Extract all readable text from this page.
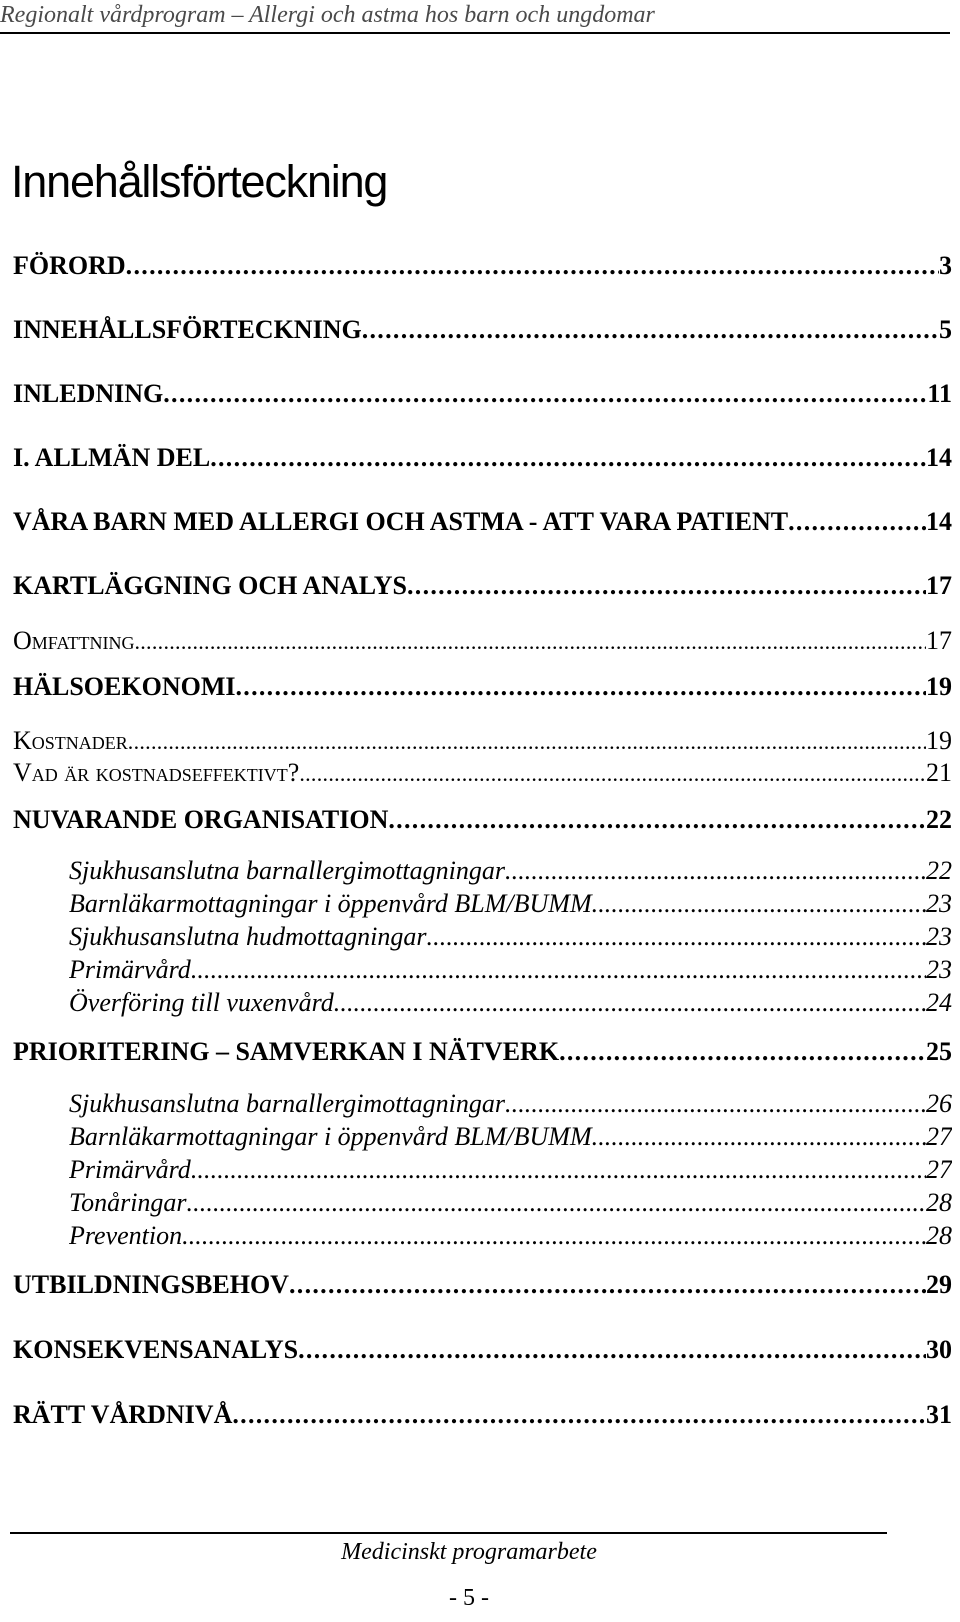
Regionalt vårdprogram – Allergi och astma hos barn och ungdomar
Innehållsförteckning
FÖRORD . . .	3
INNEHÅLLSFÖRTECKNING . . .	5
INLEDNING . . .	11
I. ALLMÄN DEL . . .	14
VÅRA BARN MED ALLERGI OCH ASTMA - ATT VARA PATIENT . . .	14
KARTLÄGGNING OCH ANALYS . . .	17
Omfattning . . .	17
HÄLSOEKONOMI . . .	19
Kostnader . . .	19
Vad är kostnadseffektivt? . . .	21
NUVARANDE ORGANISATION . . .	22
Sjukhusanslutna barnallergimottagningar . . .	22
Barnläkarmottagningar i öppenvård BLM/BUMM . . .	23
Sjukhusanslutna hudmottagningar . . .	23
Primärvård . . .	23
Överföring till vuxenvård . . .	24
PRIORITERING – SAMVERKAN I NÄTVERK . . .	25
Sjukhusanslutna barnallergimottagningar . . .	26
Barnläkarmottagningar i öppenvård BLM/BUMM . . .	27
Primärvård . . .	27
Tonåringar . . .	28
Prevention . . .	28
UTBILDNINGSBEHOV . . .	29
KONSEKVENSANALYS . . .	30
RÄTT VÅRDNIVÅ . . .	31
Medicinskt programarbete
- 5 -
